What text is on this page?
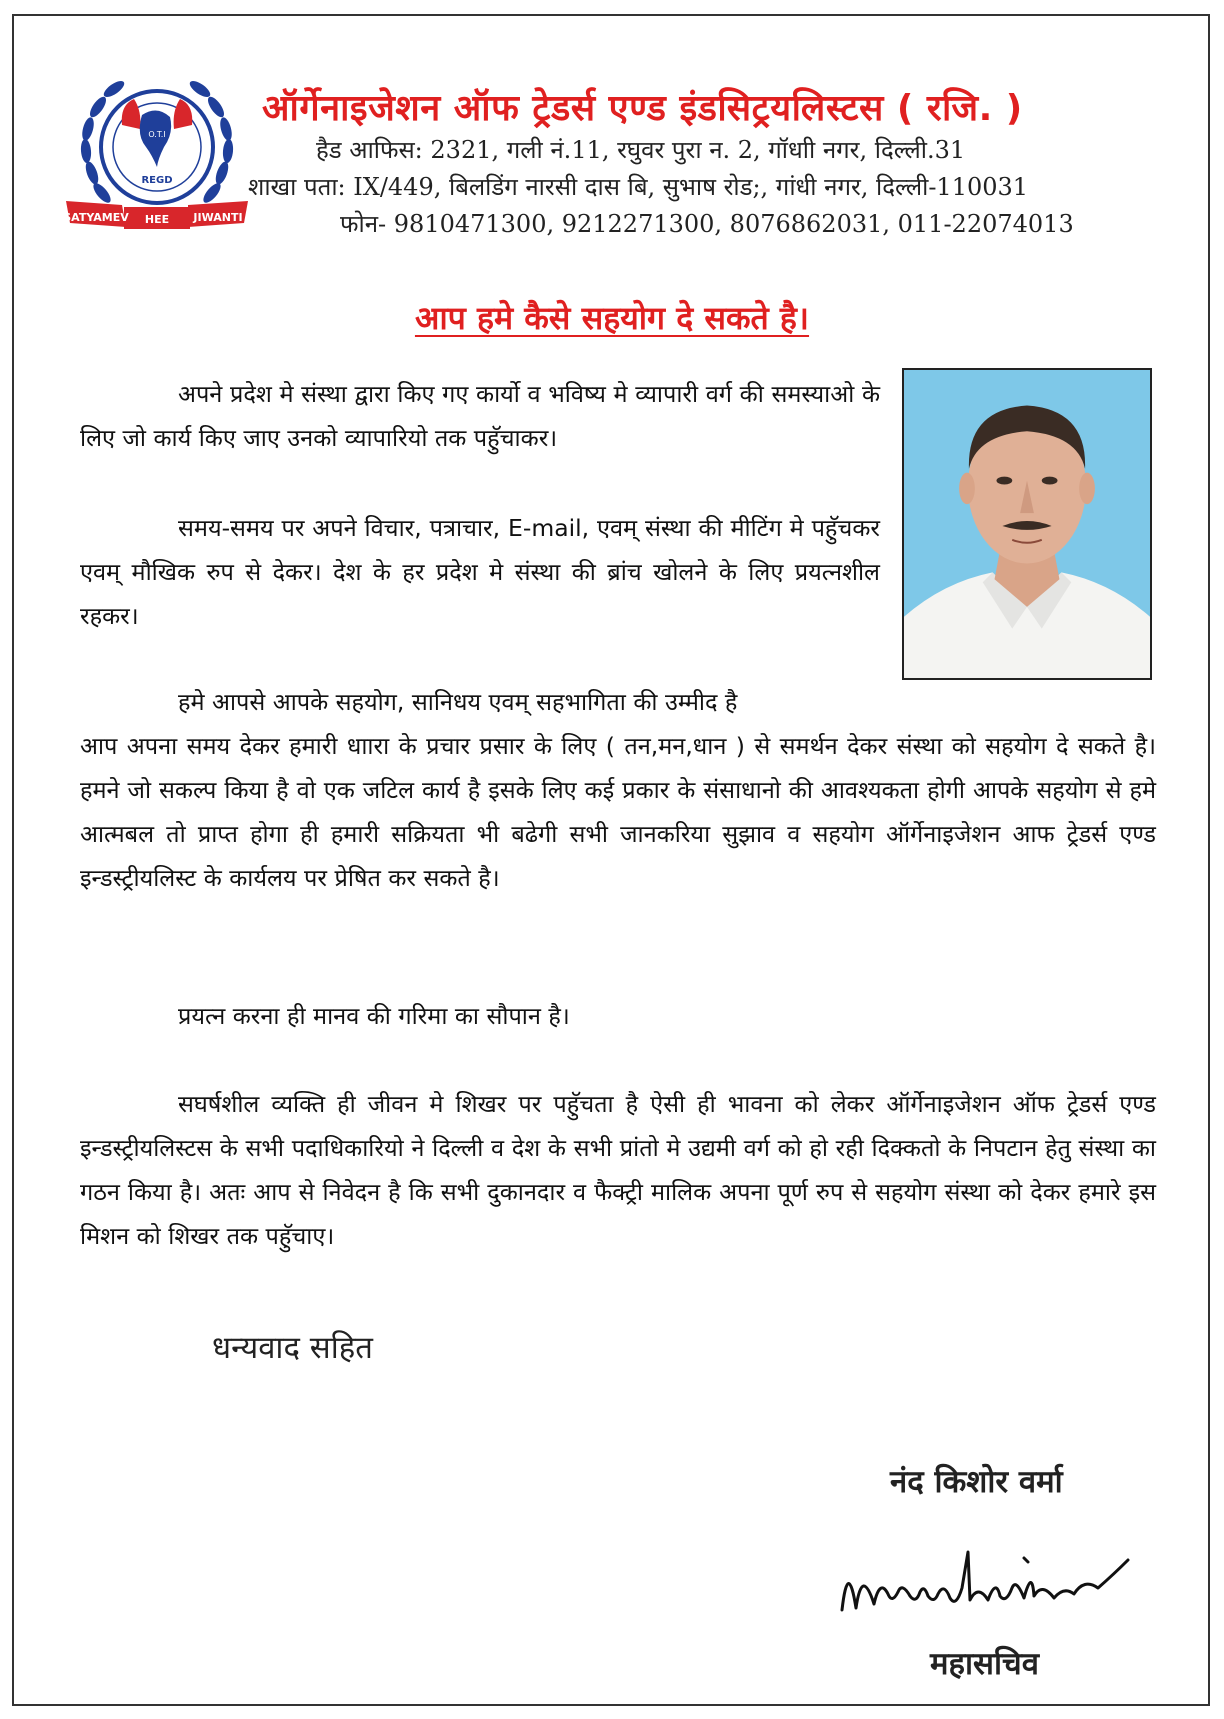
O.T.I
REGD
SATYAMEV HEE JIWANTI
ऑर्गेनाइजेशन ऑफ ट्रेडर्स एण्ड इंडसिट्रयलिस्टस ( रजि. )
हैड आफिस: 2321, गली नं.11, रघुवर पुरा न. 2, गॉधाी नगर, दिल्ली.31
शाखा पता: IX/449, बिलडिंग नारसी दास बि, सुभाष रोड;, गांधी नगर, दिल्ली-110031
फोन- 9810471300, 9212271300, 8076862031, 011-22074013
आप हमे कैसे सहयोग दे सकते है।
अपने प्रदेश मे संस्था द्वारा किए गए कार्यो व भविष्य मे व्यापारी वर्ग की समस्याओ के लिए जो कार्य किए जाए उनको व्यापारियो तक पहॅुचाकर।
समय-समय पर अपने विचार, पत्राचार, E-mail, एवम् संस्था की मीटिंग मे पहॅुचकर एवम् मौखिक रुप से देकर। देश के हर प्रदेश मे संस्था की ब्रांच खोलने के लिए प्रयत्नशील रहकर।
हमे आपसे आपके सहयोग, सानिधय एवम् सहभागिता की उम्मीद है
आप अपना समय देकर हमारी धाारा के प्रचार प्रसार के लिए ( तन,मन,धान ) से समर्थन देकर संस्था को सहयोग दे सकते है। हमने जो सकल्प किया है वो एक जटिल कार्य है इसके लिए कई प्रकार के संसाधानो की आवश्यकता होगी आपके सहयोग से हमे आत्मबल तो प्राप्त होगा ही हमारी सक्रियता भी बढेगी सभी जानकरिया सुझाव व सहयोग ऑर्गेनाइजेशन आफ ट्रेडर्स एण्ड इन्डस्ट्रीयलिस्ट के कार्यलय पर प्रेषित कर सकते है।
प्रयत्न करना ही मानव की गरिमा का सौपान है।
सघर्षशील व्यक्ति ही जीवन मे शिखर पर पहॅुचता है ऐसी ही भावना को लेकर ऑर्गेनाइजेशन ऑफ ट्रेडर्स एण्ड इन्डस्ट्रीयलिस्टस के सभी पदाधिकारियो ने दिल्ली व देश के सभी प्रांतो मे उद्यमी वर्ग को हो रही दिक्कतो के निपटान हेतु संस्था का गठन किया है। अतः आप से निवेदन है कि सभी दुकानदार व फैक्ट्री मालिक अपना पूर्ण रुप से सहयोग संस्था को देकर हमारे इस मिशन को शिखर तक पहॅुचाए।
धन्यवाद सहित
नंद किशोर वर्मा
महासचिव
